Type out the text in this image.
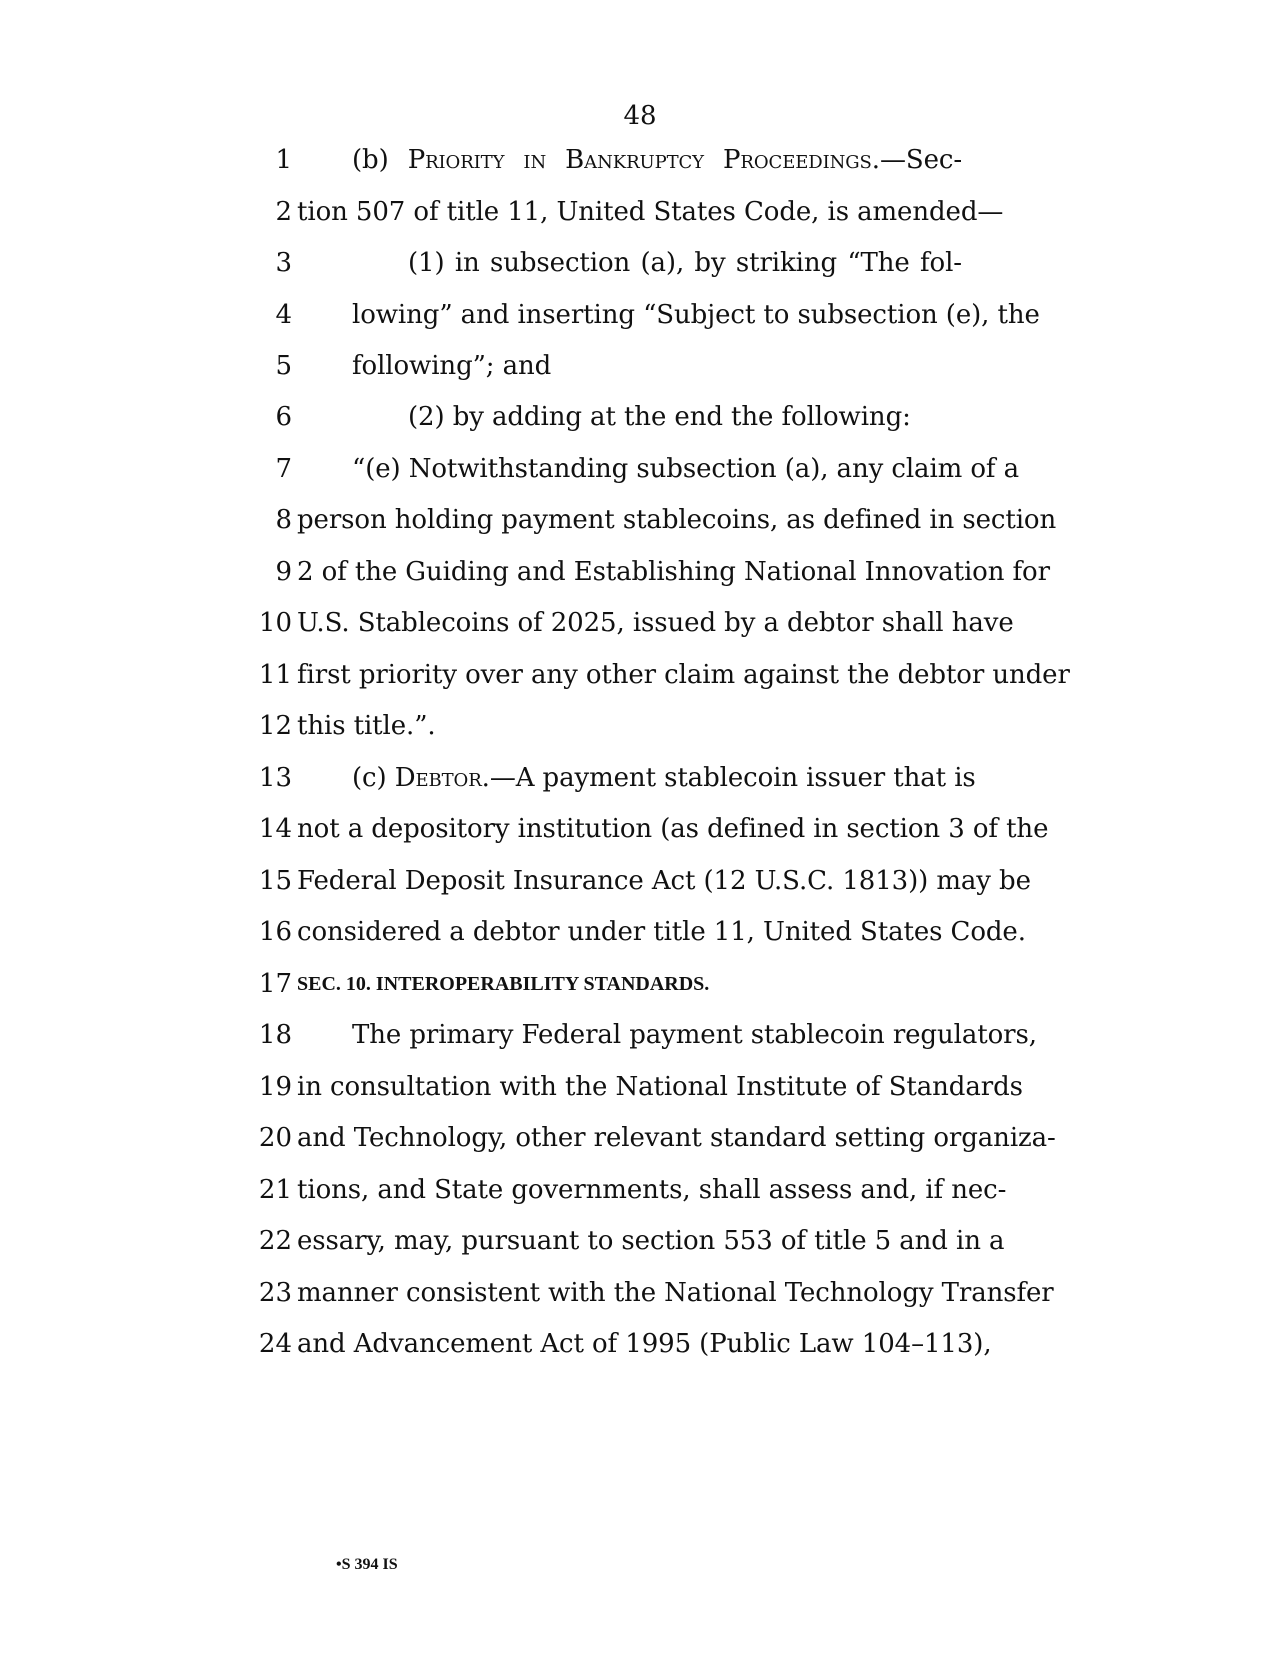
48
1 (b) Priority in Bankruptcy Proceedings.—Sec-
2 tion 507 of title 11, United States Code, is amended—
3	(1) in subsection (a), by striking “The fol-
4 lowing” and inserting “Subject to subsection (e), the
5 following”; and
6	(2) by adding at the end the following:
7 “(e) Notwithstanding subsection (a), any claim of a
8 person holding payment stablecoins, as defined in section
9 2 of the Guiding and Establishing National Innovation for
10 U.S. Stablecoins of 2025, issued by a debtor shall have
11 first priority over any other claim against the debtor under
12 this title.”.
13 (c) Debtor.—A payment stablecoin issuer that is
14 not a depository institution (as defined in section 3 of the
15 Federal Deposit Insurance Act (12 U.S.C. 1813)) may be
16 considered a debtor under title 11, United States Code.
17 SEC. 10. INTEROPERABILITY STANDARDS.
18 The primary Federal payment stablecoin regulators,
19 in consultation with the National Institute of Standards
20 and Technology, other relevant standard setting organiza-
21 tions, and State governments, shall assess and, if nec-
22 essary, may, pursuant to section 553 of title 5 and in a
23 manner consistent with the National Technology Transfer
24 and Advancement Act of 1995 (Public Law 104–113),
•S 394 IS
